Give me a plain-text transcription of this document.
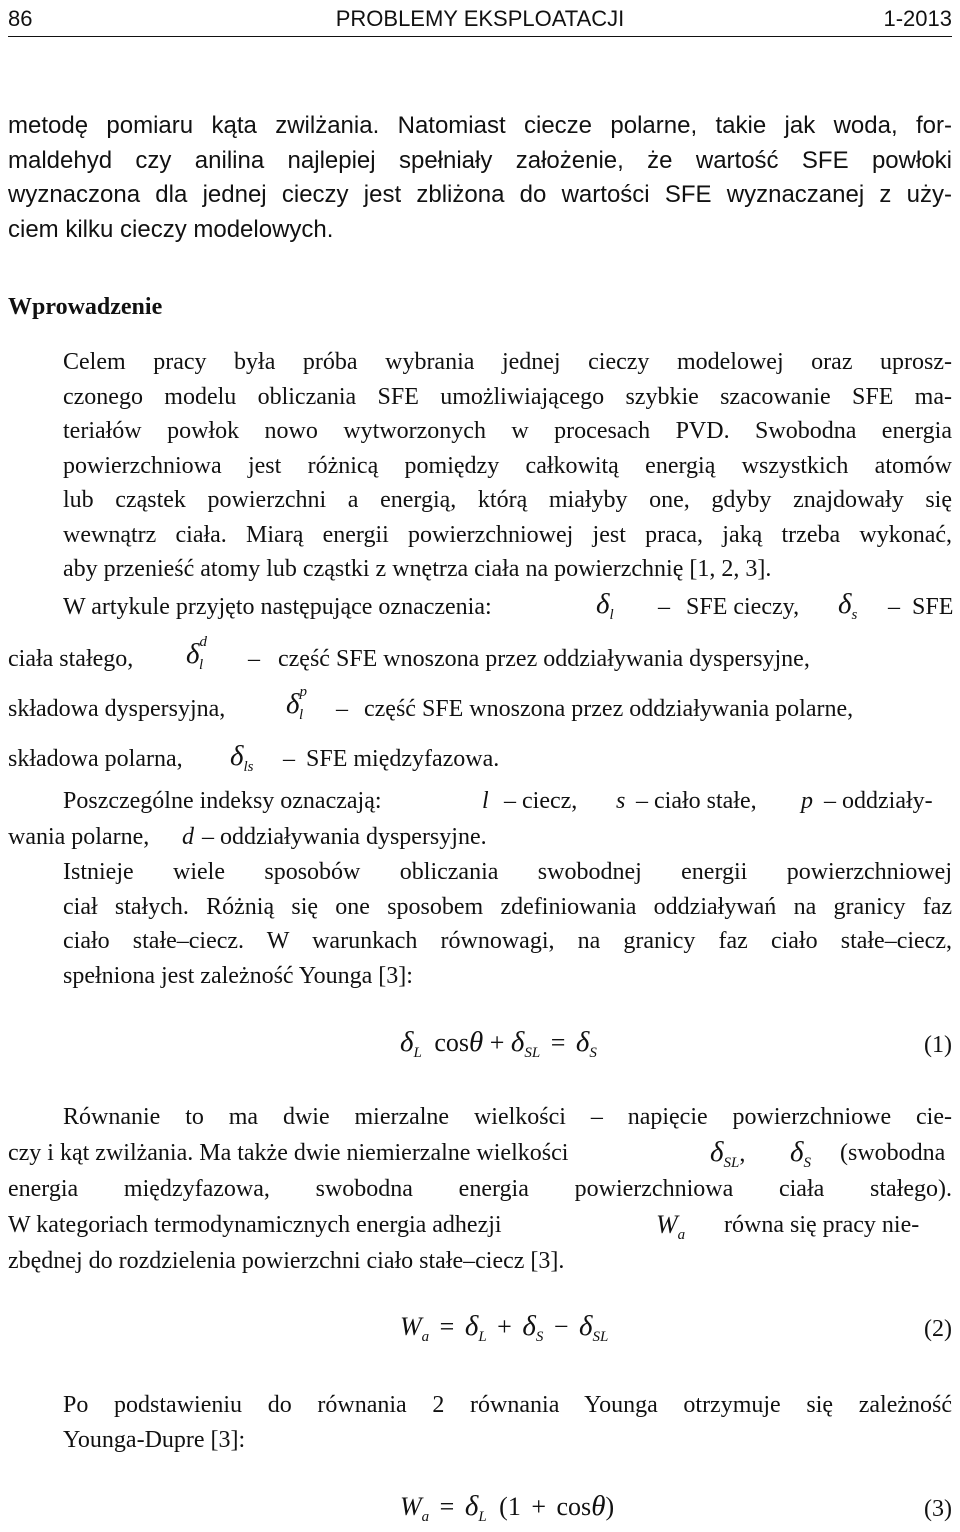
86	PROBLEMY EKSPLOATACJI	1-2013

metodę pomiaru kąta zwilżania. Natomiast ciecze polarne, takie jak woda, for-
maldehyd czy anilina najlepiej spełniały założenie, że wartość SFE powłoki
wyznaczona dla jednej cieczy jest zbliżona do wartości SFE wyznaczanej z uży-
ciem kilku cieczy modelowych.

Wprowadzenie

Celem pracy była próba wybrania jednej cieczy modelowej oraz uprosz-
czonego modelu obliczania SFE umożliwiającego szybkie szacowanie SFE ma-
teriałów powłok nowo wytworzonych w procesach PVD. Swobodna energia
powierzchniowa jest różnicą pomiędzy całkowitą energią wszystkich atomów
lub cząstek powierzchni a energią, którą miałyby one, gdyby znajdowały się
wewnątrz ciała. Miarą energii powierzchniowej jest praca, jaką trzeba wykonać,
aby przenieść atomy lub cząstki z wnętrza ciała na powierzchnię [1, 2, 3].

W artykule przyjęto następujące oznaczenia:	$\delta_l$ – SFE cieczy, $\delta_s$ – SFE
ciała stałego, $\delta^d_l$ – część SFE wnoszona przez oddziaływania dyspersyjne,
składowa dyspersyjna, $\delta^p_l$ – część SFE wnoszona przez oddziaływania polarne,
składowa polarna, $\delta_{ls}$ – SFE międzyfazowa.
Poszczególne indeksy oznaczają:	l – ciecz, s – ciało stałe, p – oddziały-
wania polarne, d – oddziaływania dyspersyjne.

Istnieje wiele sposobów obliczania swobodnej energii powierzchniowej
ciał stałych. Różnią się one sposobem zdefiniowania oddziaływań na granicy faz
ciało stałe–ciecz. W warunkach równowagi, na granicy faz ciało stałe–ciecz,
spełniona jest zależność Younga [3]:

$\delta_L$ $\cos\theta + \delta_{SL} = \delta_S$	(1)
Równanie to ma dwie mierzalne wielkości – napięcie powierzchniowe cie-
czy i kąt zwilżania. Ma także dwie niemierzalne wielkości	$\delta_{SL}$, $\delta_S$ (swobodna
energia międzyfazowa, swobodna energia powierzchniowa ciała stałego).
W kategoriach termodynamicznych energia adhezji	$W_a$ równa się pracy nie-
zbędnej do rozdzielenia powierzchni ciało stałe–ciecz [3].
$W_a = \delta_L + \delta_S - \delta_{SL}$	(2)

Po podstawieniu do równania 2 równania Younga otrzymuje się zależność
Younga-Dupre [3]:

$W_a = \delta_L$ (1 + cosθ)	(3)
